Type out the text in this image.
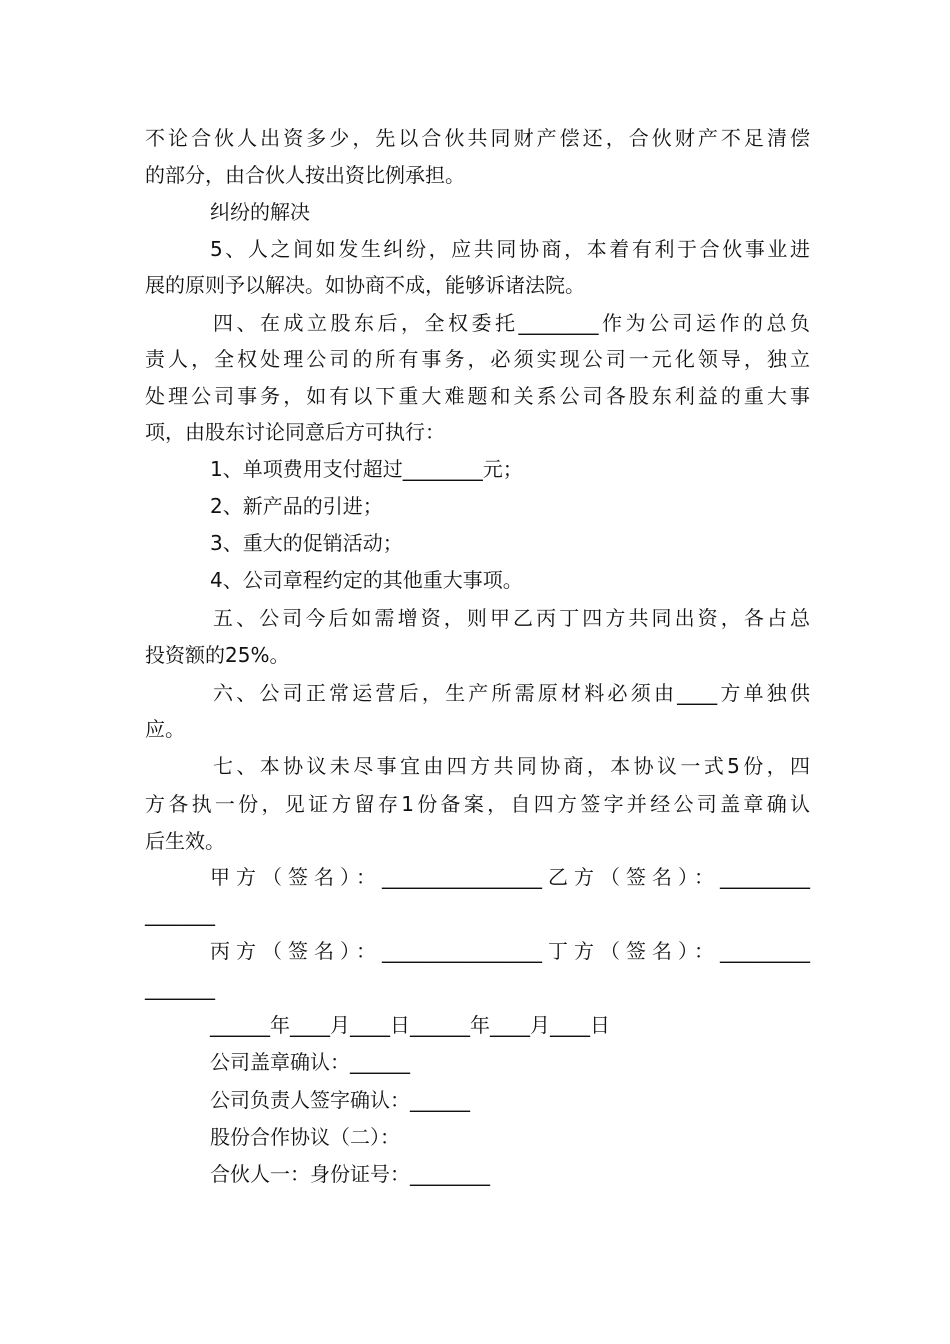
不论合伙人出资多少，先以合伙共同财产偿还，合伙财产不足清偿

的部分，由合伙人按出资比例承担。

纠纷的解决

5、人之间如发生纠纷，应共同协商，本着有利于合伙事业进

展的原则予以解决。如协商不成，能够诉诸法院。

四、在成立股东后，全权委托________作为公司运作的总负

责人，全权处理公司的所有事务，必须实现公司一元化领导，独立

处理公司事务，如有以下重大难题和关系公司各股东利益的重大事

项，由股东讨论同意后方可执行：

1、单项费用支付超过________元；

2、新产品的引进；

3、重大的促销活动；

4、公司章程约定的其他重大事项。

五、公司今后如需增资，则甲乙丙丁四方共同出资，各占总

投资额的25%。

六、公司正常运营后，生产所需原材料必须由____方单独供

应。

七、本协议未尽事宜由四方共同协商，本协议一式5份，四

方各执一份，见证方留存1份备案，自四方签字并经公司盖章确认

后生效。

甲方（签名）：________________乙方（签名）：_________

_______

丙方（签名）：________________丁方（签名）：_________

_______

______年____月____日______年____月____日

公司盖章确认：______

公司负责人签字确认：______

股份合作协议（二）：

合伙人一：身份证号：________
